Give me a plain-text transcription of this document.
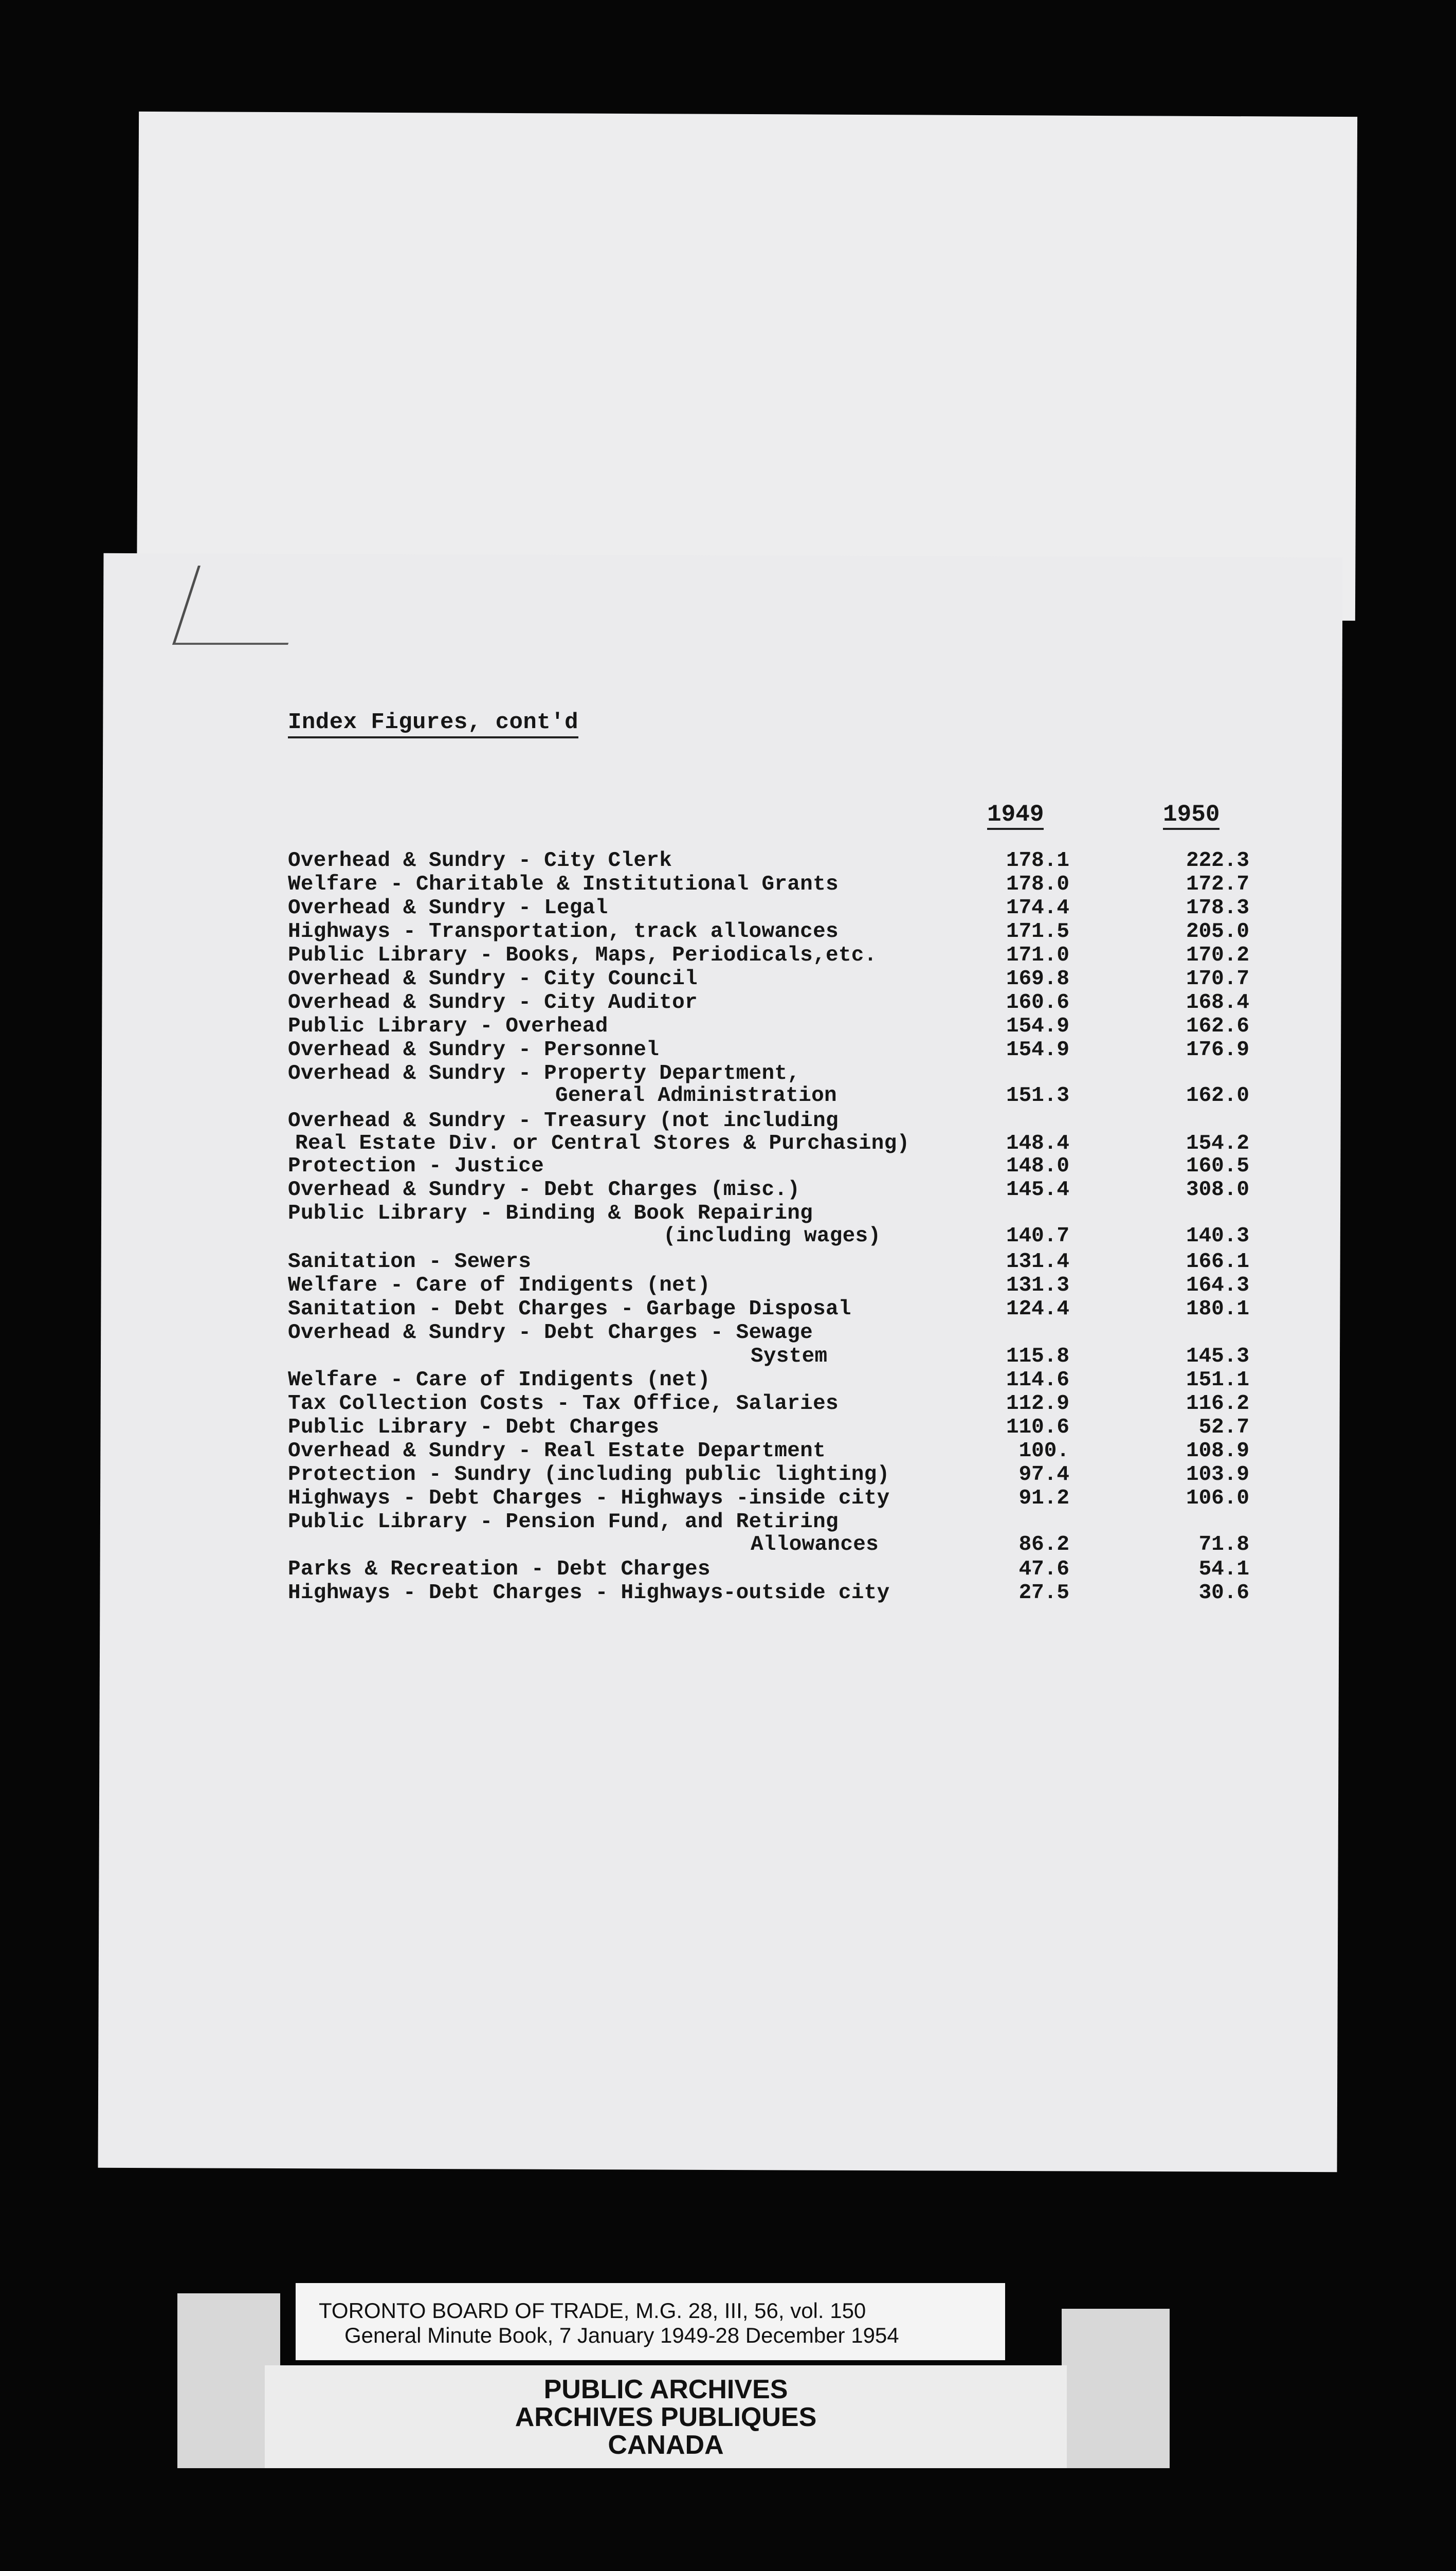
Index Figures, cont'd
1949	1950
Overhead & Sundry - City Clerk	178.1	222.3
Welfare - Charitable & Institutional Grants	178.0	172.7
Overhead & Sundry - Legal	174.4	178.3
Highways - Transportation, track allowances	171.5	205.0
Public Library - Books, Maps, Periodicals,etc.	171.0	170.2
Overhead & Sundry - City Council	169.8	170.7
Overhead & Sundry - City Auditor	160.6	168.4
Public Library - Overhead	154.9	162.6
Overhead & Sundry - Personnel	154.9	176.9
Overhead & Sundry - Property Department,
General Administration	151.3	162.0
Overhead & Sundry - Treasury (not including
Real Estate Div. or Central Stores & Purchasing)	148.4	154.2
Protection - Justice	148.0	160.5
Overhead & Sundry - Debt Charges (misc.)	145.4	308.0
Public Library - Binding & Book Repairing
(including wages)	140.7	140.3
Sanitation - Sewers	131.4	166.1
Welfare - Care of Indigents (net)	131.3	164.3
Sanitation - Debt Charges - Garbage Disposal	124.4	180.1
Overhead & Sundry - Debt Charges - Sewage
System	115.8	145.3
Welfare - Care of Indigents (net)	114.6	151.1
Tax Collection Costs - Tax Office, Salaries	112.9	116.2
Public Library - Debt Charges	110.6	52.7
Overhead & Sundry - Real Estate Department	100.	108.9
Protection - Sundry (including public lighting)	97.4	103.9
Highways - Debt Charges - Highways -inside city	91.2	106.0
Public Library - Pension Fund, and Retiring
Allowances	86.2	71.8
Parks & Recreation - Debt Charges	47.6	54.1
Highways - Debt Charges - Highways-outside city	27.5	30.6
TORONTO BOARD OF TRADE, M.G. 28, III, 56, vol. 150
General Minute Book, 7 January 1949-28 December 1954
PUBLIC ARCHIVES
ARCHIVES PUBLIQUES
CANADA
